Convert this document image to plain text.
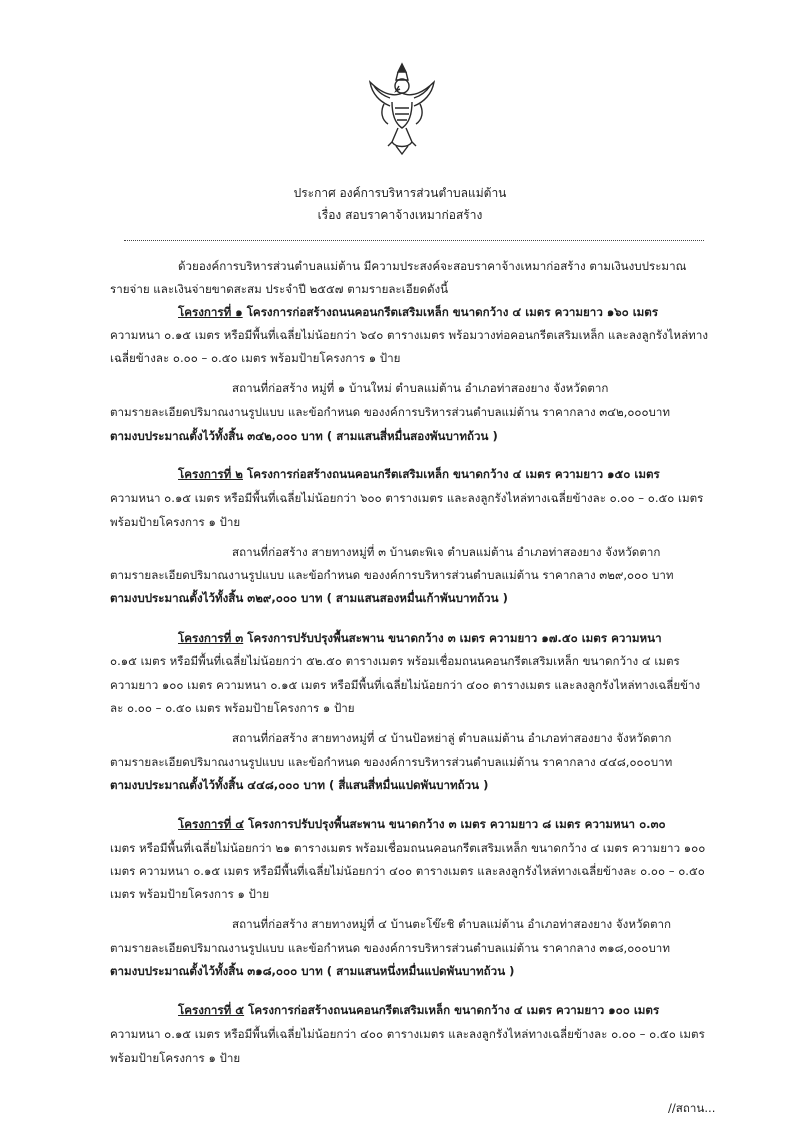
ประกาศ องค์การบริหารส่วนตำบลแม่ต้าน
เรื่อง สอบราคาจ้างเหมาก่อสร้าง
ด้วยองค์การบริหารส่วนตำบลแม่ต้าน มีความประสงค์จะสอบราคาจ้างเหมาก่อสร้าง ตามเงินงบประมาณ
รายจ่าย และเงินจ่ายขาดสะสม ประจำปี ๒๕๕๗ ตามรายละเอียดดังนี้
โครงการที่ ๑ โครงการก่อสร้างถนนคอนกรีตเสริมเหล็ก ขนาดกว้าง ๔ เมตร ความยาว ๑๖๐ เมตร
ความหนา ๐.๑๕ เมตร หรือมีพื้นที่เฉลี่ยไม่น้อยกว่า ๖๔๐ ตารางเมตร พร้อมวางท่อคอนกรีตเสริมเหล็ก และลงลูกรังไหล่ทาง
เฉลี่ยข้างละ ๐.๐๐ – ๐.๕๐ เมตร พร้อมป้ายโครงการ ๑ ป้าย
สถานที่ก่อสร้าง หมู่ที่ ๑ บ้านใหม่ ตำบลแม่ต้าน อำเภอท่าสองยาง จังหวัดตาก
ตามรายละเอียดปริมาณงานรูปแบบ และข้อกำหนด ของงค์การบริหารส่วนตำบลแม่ต้าน ราคากลาง ๓๔๒,๐๐๐บาท
ตามงบประมาณตั้งไว้ทั้งสิ้น ๓๔๒,๐๐๐ บาท ( สามแสนสี่หมื่นสองพันบาทถ้วน )
โครงการที่ ๒ โครงการก่อสร้างถนนคอนกรีตเสริมเหล็ก ขนาดกว้าง ๔ เมตร ความยาว ๑๕๐ เมตร
ความหนา ๐.๑๕ เมตร หรือมีพื้นที่เฉลี่ยไม่น้อยกว่า ๖๐๐ ตารางเมตร และลงลูกรังไหล่ทางเฉลี่ยข้างละ ๐.๐๐ – ๐.๕๐ เมตร
พร้อมป้ายโครงการ ๑ ป้าย
สถานที่ก่อสร้าง สายทางหมู่ที่ ๓ บ้านตะพิเจ ตำบลแม่ต้าน อำเภอท่าสองยาง จังหวัดตาก
ตามรายละเอียดปริมาณงานรูปแบบ และข้อกำหนด ของงค์การบริหารส่วนตำบลแม่ต้าน ราคากลาง ๓๒๙,๐๐๐ บาท
ตามงบประมาณตั้งไว้ทั้งสิ้น ๓๒๙,๐๐๐ บาท ( สามแสนสองหมื่นเก้าพันบาทถ้วน )
โครงการที่ ๓ โครงการปรับปรุงพื้นสะพาน ขนาดกว้าง ๓ เมตร ความยาว ๑๗.๕๐ เมตร ความหนา
๐.๑๕ เมตร หรือมีพื้นที่เฉลี่ยไม่น้อยกว่า ๕๒.๕๐ ตารางเมตร พร้อมเชื่อมถนนคอนกรีตเสริมเหล็ก ขนาดกว้าง ๔ เมตร
ความยาว ๑๐๐ เมตร ความหนา ๐.๑๕ เมตร หรือมีพื้นที่เฉลี่ยไม่น้อยกว่า ๔๐๐ ตารางเมตร และลงลูกรังไหล่ทางเฉลี่ยข้าง
ละ ๐.๐๐ – ๐.๕๐ เมตร พร้อมป้ายโครงการ ๑ ป้าย
สถานที่ก่อสร้าง สายทางหมู่ที่ ๔ บ้านป้อหย่าลู่ ตำบลแม่ต้าน อำเภอท่าสองยาง จังหวัดตาก
ตามรายละเอียดปริมาณงานรูปแบบ และข้อกำหนด ของงค์การบริหารส่วนตำบลแม่ต้าน ราคากลาง ๔๔๘,๐๐๐บาท
ตามงบประมาณตั้งไว้ทั้งสิ้น ๔๔๘,๐๐๐ บาท ( สี่แสนสี่หมื่นแปดพันบาทถ้วน )
โครงการที่ ๔ โครงการปรับปรุงพื้นสะพาน ขนาดกว้าง ๓ เมตร ความยาว ๘ เมตร ความหนา ๐.๓๐
เมตร หรือมีพื้นที่เฉลี่ยไม่น้อยกว่า ๒๑ ตารางเมตร พร้อมเชื่อมถนนคอนกรีตเสริมเหล็ก ขนาดกว้าง ๔ เมตร ความยาว ๑๐๐
เมตร ความหนา ๐.๑๕ เมตร หรือมีพื้นที่เฉลี่ยไม่น้อยกว่า ๔๐๐ ตารางเมตร และลงลูกรังไหล่ทางเฉลี่ยข้างละ ๐.๐๐ – ๐.๕๐
เมตร พร้อมป้ายโครงการ ๑ ป้าย
สถานที่ก่อสร้าง สายทางหมู่ที่ ๔ บ้านตะโข๊ะชิ ตำบลแม่ต้าน อำเภอท่าสองยาง จังหวัดตาก
ตามรายละเอียดปริมาณงานรูปแบบ และข้อกำหนด ของงค์การบริหารส่วนตำบลแม่ต้าน ราคากลาง ๓๑๘,๐๐๐บาท
ตามงบประมาณตั้งไว้ทั้งสิ้น ๓๑๘,๐๐๐ บาท ( สามแสนหนึ่งหมื่นแปดพันบาทถ้วน )
โครงการที่ ๕ โครงการก่อสร้างถนนคอนกรีตเสริมเหล็ก ขนาดกว้าง ๔ เมตร ความยาว ๑๐๐ เมตร
ความหนา ๐.๑๕ เมตร หรือมีพื้นที่เฉลี่ยไม่น้อยกว่า ๔๐๐ ตารางเมตร และลงลูกรังไหล่ทางเฉลี่ยข้างละ ๐.๐๐ – ๐.๕๐ เมตร
พร้อมป้ายโครงการ ๑ ป้าย
//สถาน...
